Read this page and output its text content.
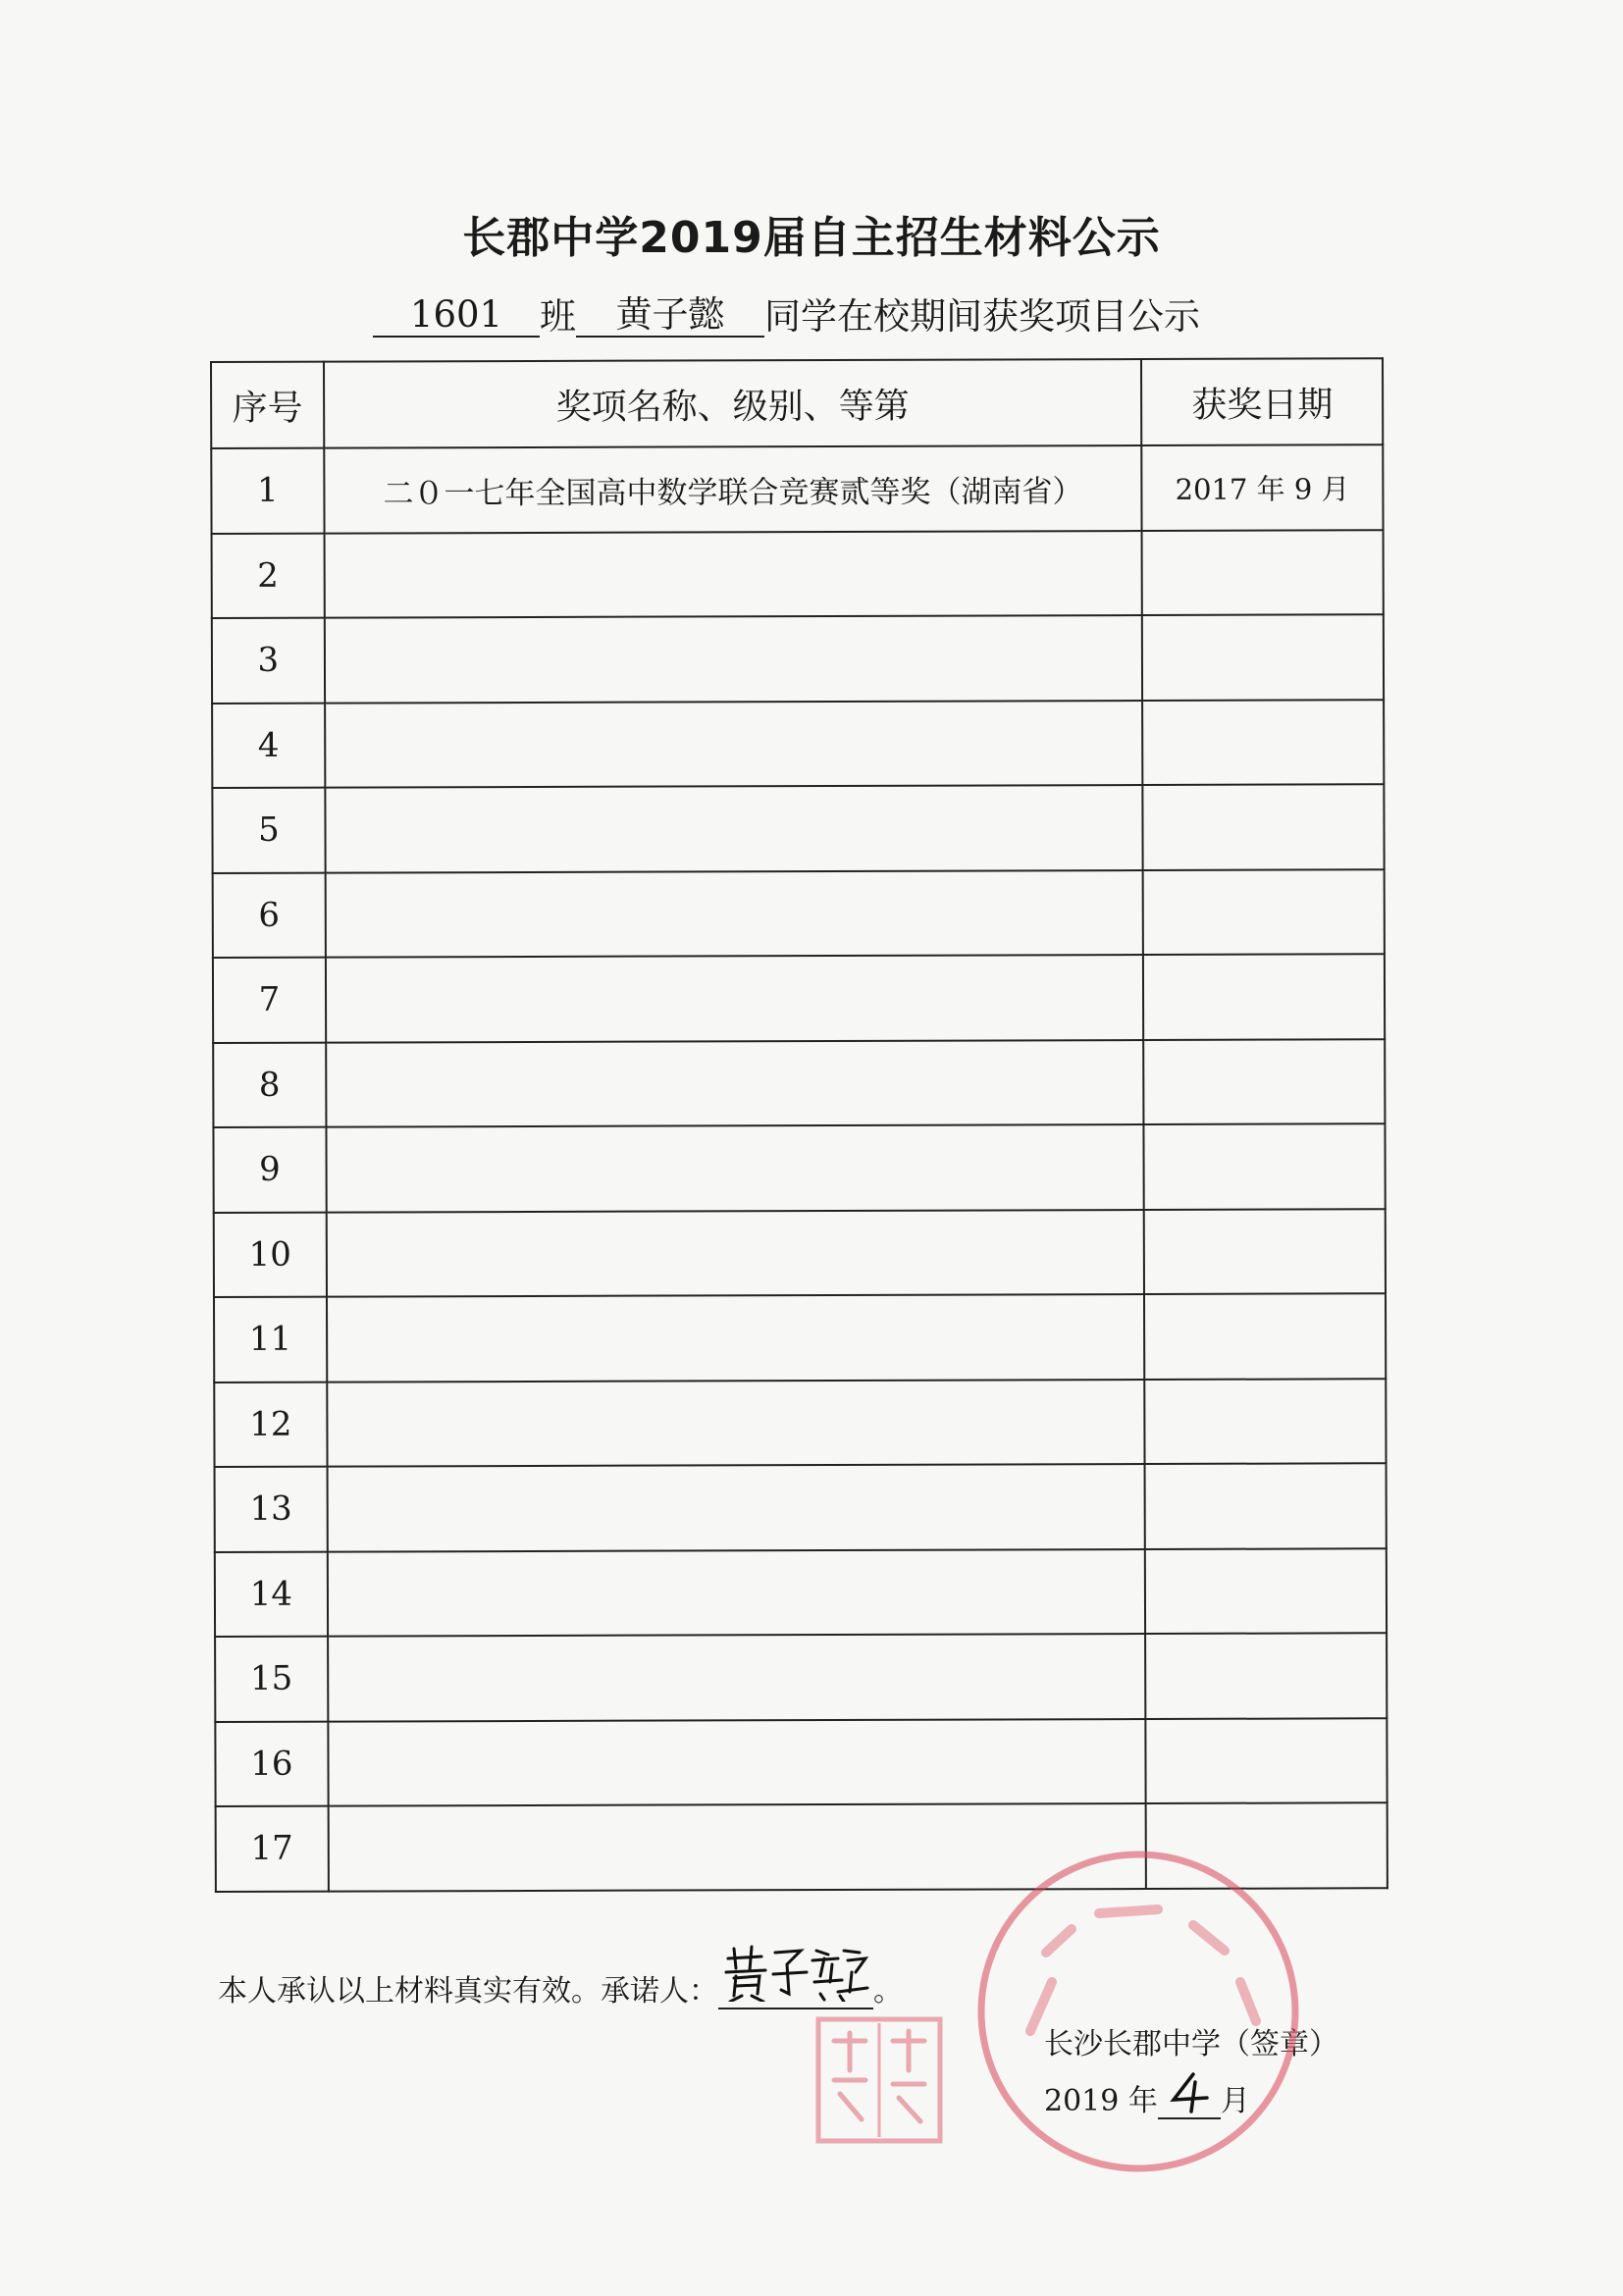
长郡中学2019届自主招生材料公示
1601 班 黄子懿 同学在校期间获奖项目公示
序号	奖项名称、级别、等第	获奖日期
1	二０一七年全国高中数学联合竞赛贰等奖（湖南省）	2017 年 9 月
2		
3		
4		
5		
6		
7		
8		
9		
10		
11		
12		
13		
14		
15		
16		
17		
本人承认以上材料真实有效。承诺人：	。
长沙长郡中学（签章）
2019 年 月
